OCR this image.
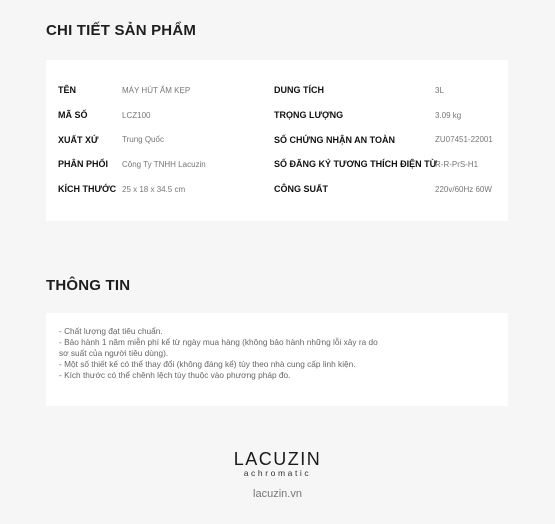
CHI TIẾT SẢN PHẨM
TÊN
MÃ SỐ
XUẤT XỨ
PHÂN PHỐI
KÍCH THƯỚC
MÁY HÚT ẨM KẸP
LCZ100
Trung Quốc
Công Ty TNHH Lacuzin
25 x 18 x 34.5 cm
DUNG TÍCH
TRỌNG LƯỢNG
SỐ CHỨNG NHẬN AN TOÀN
SỐ ĐĂNG KÝ TƯƠNG THÍCH ĐIỆN TỪ
CÔNG SUẤT
3L
3.09 kg
ZU07451-22001
R-R-PrS-H1
220v/60Hz 60W
THÔNG TIN
- Chất lượng đạt tiêu chuẩn.
- Bảo hành 1 năm miễn phí kể từ ngày mua hàng (không bảo hành những lỗi xảy ra do
sơ suất của người tiêu dùng).
- Một số thiết kế có thể thay đổi (không đáng kể) tùy theo nhà cung cấp linh kiện.
- Kích thước có thể chênh lệch tùy thuộc vào phương pháp đo.
LACUZIN
achromatic
lacuzin.vn
